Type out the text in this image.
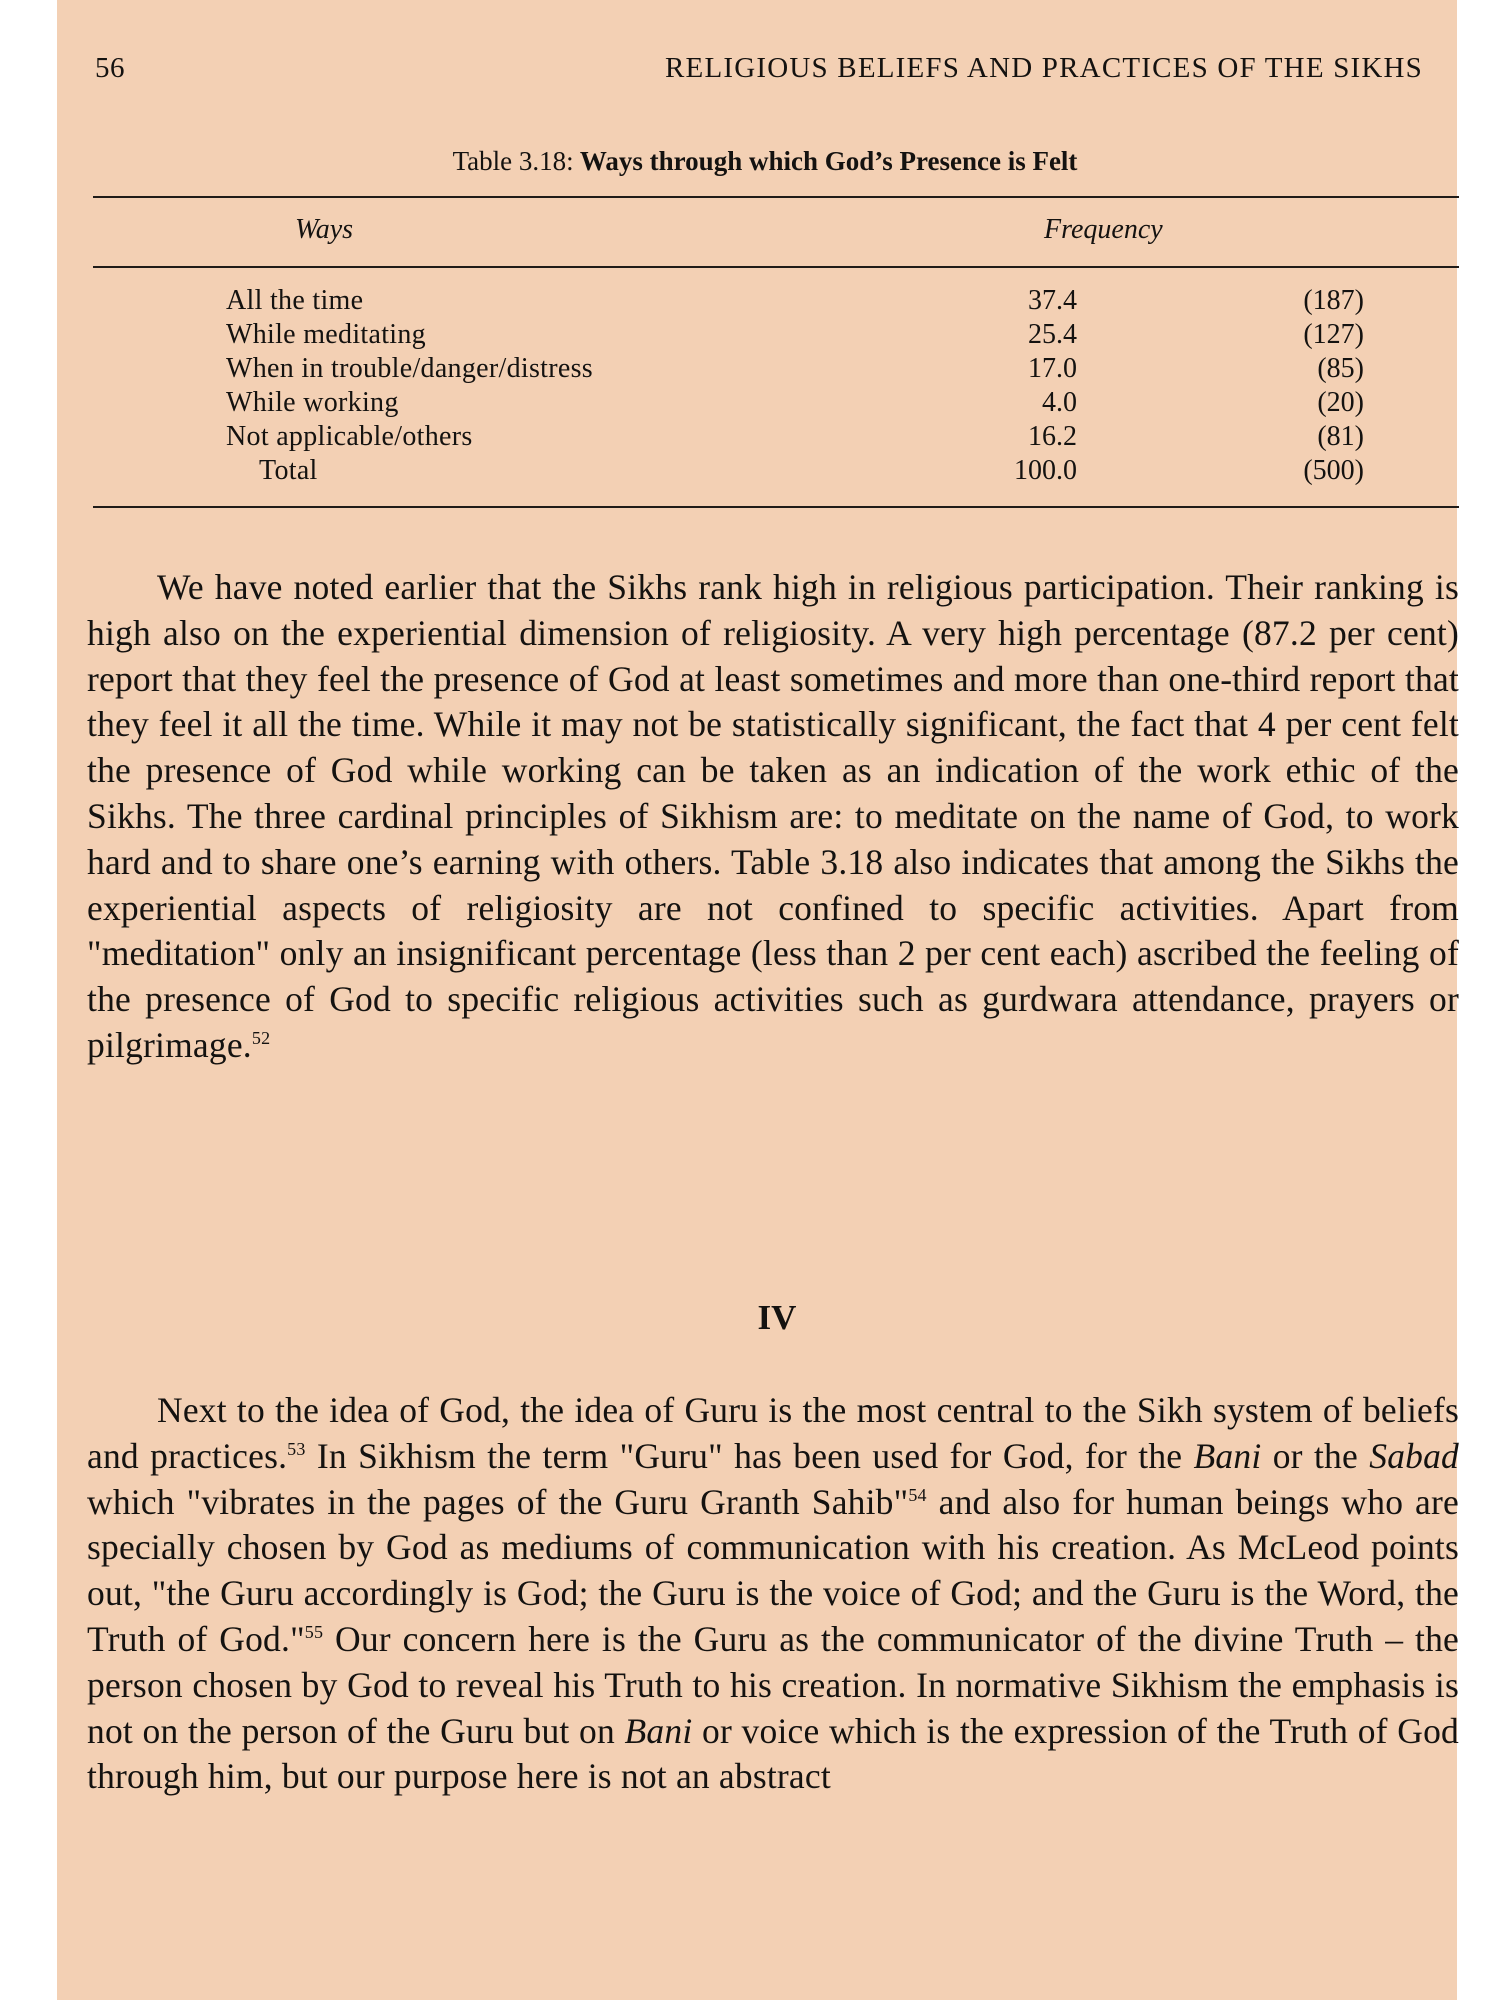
56	RELIGIOUS BELIEFS AND PRACTICES OF THE SIKHS
Table 3.18: Ways through which God’s Presence is Felt
Ways	Frequency
All the time	37.4	(187)
While meditating	25.4	(127)
When in trouble/danger/distress	17.0	(85)
While working	4.0	(20)
Not applicable/others	16.2	(81)
Total	100.0	(500)

We have noted earlier that the Sikhs rank high in religious participation. Their ranking is high also on the experiential dimension of religiosity. A very high percentage (87.2 per cent) report that they feel the presence of God at least sometimes and more than one-third report that they feel it all the time. While it may not be statistically significant, the fact that 4 per cent felt the presence of God while working can be taken as an indication of the work ethic of the Sikhs. The three cardinal principles of Sikhism are: to meditate on the name of God, to work hard and to share one’s earning with others. Table 3.18 also indicates that among the Sikhs the experiential aspects of religiosity are not confined to specific activities. Apart from "meditation" only an insignificant percentage (less than 2 per cent each) ascribed the feeling of the presence of God to specific religious activities such as gurdwara attendance, prayers or pilgrimage.$^{52}$

IV

Next to the idea of God, the idea of Guru is the most central to the Sikh system of beliefs and practices.$^{53}$ In Sikhism the term "Guru" has been used for God, for the Bani or the Sabad which "vibrates in the pages of the Guru Granth Sahib"$^{54}$ and also for human beings who are specially chosen by God as mediums of communication with his creation. As McLeod points out, "the Guru accordingly is God; the Guru is the voice of God; and the Guru is the Word, the Truth of God."$^{55}$ Our concern here is the Guru as the communicator of the divine Truth – the person chosen by God to reveal his Truth to his creation. In normative Sikhism the emphasis is not on the person of the Guru but on Bani or voice which is the expression of the Truth of God through him, but our purpose here is not an abstract
